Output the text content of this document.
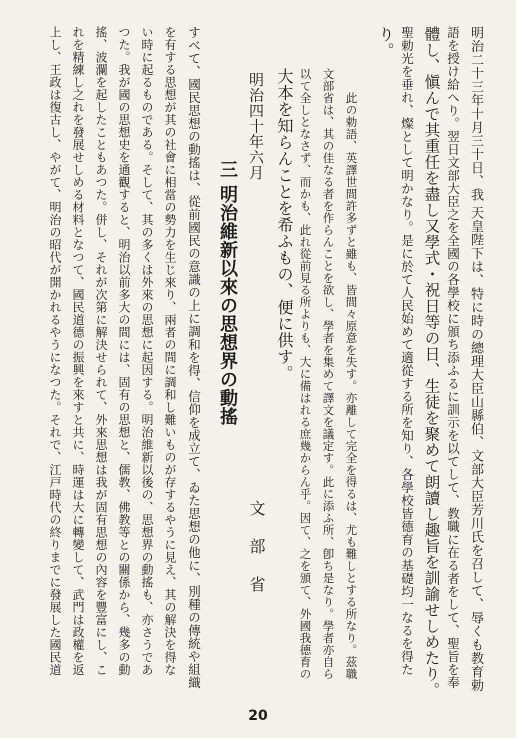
明治二十三年十月三十日、我 天皇陛下は、特に時の總理大臣山縣伯、文部大臣芳川氏を召して、辱くも教育勅
語を授け給へり。翌日文部大臣之を全國の各學校に頒ち添ふるに訓示を以てして、教職に在る者をして、聖旨を奉
體し、愼んで其重任を盡し又學式・祝日等の日、生徒を聚めて朗讀し趣旨を訓諭せしめたり。
聖勅光を垂れ、燦として明かなり。是に於て人民始めて適從する所を知り、各學校皆德育の基礎均一なるを得た
り。
此の勅語、英譯世間許多ずと雖も、皆間々原意を失す。亦離して完全を得るは、尤も難しとする所なり。茲職
文部省は、其の佳なる者を作らんことを欲し、學者を集めて譯文を議定す。此に添ふ所、卽ち是なり。學者亦自ら
以て全しとなさず、而かも、此れ從前見る所よりも、大に備はれる庶幾からん乎。因て、之を頒て、外國我德育の
大本を知らんことを希ふもの、便に供す。
明治四十年六月
文部省
三 明治維新以來の思想界の動搖
すべて、國民思想の動搖は、從前國民の意識の上に調和を得、信仰を成立て、ゐた思想の他に、別種の傳統や組織
を有する思想が其の社會に相當の勢力を生じ來り、兩者の間に調和し難いものが存するやうに見え、其の解決を得な
い時に起るものである。そして、其の多くは外來の思想に起因する。明治維新以後の、思想界の動搖も、亦さうであ
つた。我が國の思想史を通觀すると、明治以前多大の間には、固有の思想と、儒教、佛教等との關係から、幾多の動
搖、波瀾を起したこともあつた。併し、それが次第に解決せられて、外來思想は我が固有思想の內容を豐富にし、こ
れを精練し之れを發展せしめる材料となつて、國民道德の振興を來すと共に、時運は大に轉變して、武門は政權を返
上し、王政は復古し、やがて、明治の昭代が開かれるやうになつた。それで、江戸時代の終りまでに發展した國民道
20
